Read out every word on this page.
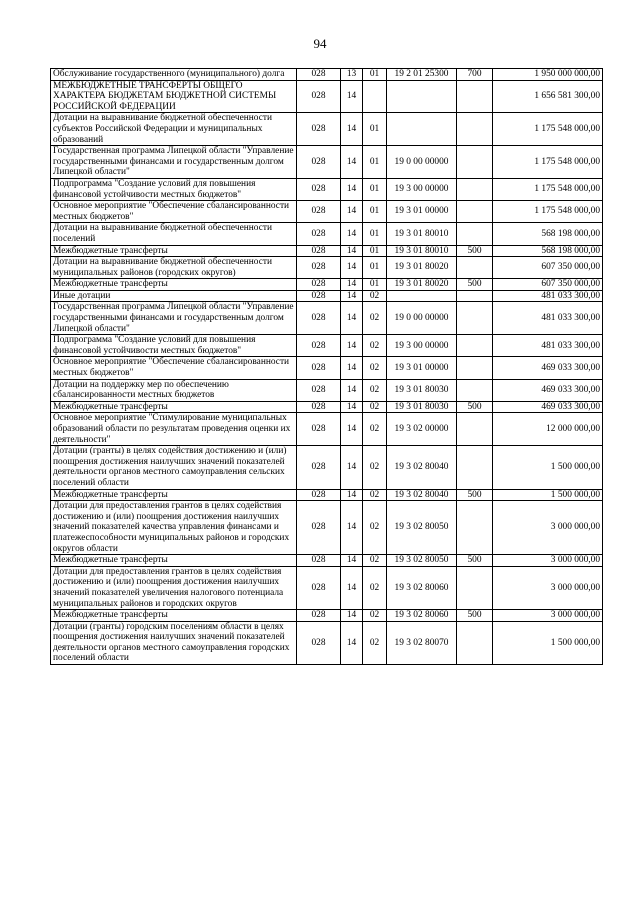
94
Обслуживание государственного (муниципального) долга	028	13	01	19 2 01 25300	700	1 950 000 000,00
МЕЖБЮДЖЕТНЫЕ ТРАНСФЕРТЫ ОБЩЕГО ХАРАКТЕРА БЮДЖЕТАМ БЮДЖЕТНОЙ СИСТЕМЫ РОССИЙСКОЙ ФЕДЕРАЦИИ	028	14				1 656 581 300,00
Дотации на выравнивание бюджетной обеспеченности субъектов Российской Федерации и муниципальных образований	028	14	01			1 175 548 000,00
Государственная программа Липецкой области "Управление государственными финансами и государственным долгом Липецкой области"	028	14	01	19 0 00 00000		1 175 548 000,00
Подпрограмма "Создание условий для повышения финансовой устойчивости местных бюджетов"	028	14	01	19 3 00 00000		1 175 548 000,00
Основное мероприятие "Обеспечение сбалансированности местных бюджетов"	028	14	01	19 3 01 00000		1 175 548 000,00
Дотации на выравнивание бюджетной обеспеченности поселений	028	14	01	19 3 01 80010		568 198 000,00
Межбюджетные трансферты	028	14	01	19 3 01 80010	500	568 198 000,00
Дотации на выравнивание бюджетной обеспеченности муниципальных районов (городских округов)	028	14	01	19 3 01 80020		607 350 000,00
Межбюджетные трансферты	028	14	01	19 3 01 80020	500	607 350 000,00
Иные дотации	028	14	02			481 033 300,00
Государственная программа Липецкой области "Управление государственными финансами и государственным долгом Липецкой области"	028	14	02	19 0 00 00000		481 033 300,00
Подпрограмма "Создание условий для повышения финансовой устойчивости местных бюджетов"	028	14	02	19 3 00 00000		481 033 300,00
Основное мероприятие "Обеспечение сбалансированности местных бюджетов"	028	14	02	19 3 01 00000		469 033 300,00
Дотации на поддержку мер по обеспечению сбалансированности местных бюджетов	028	14	02	19 3 01 80030		469 033 300,00
Межбюджетные трансферты	028	14	02	19 3 01 80030	500	469 033 300,00
Основное мероприятие "Стимулирование муниципальных образований области по результатам проведения оценки их деятельности"	028	14	02	19 3 02 00000		12 000 000,00
Дотации (гранты) в целях содействия достижению и (или) поощрения достижения наилучших значений показателей деятельности органов местного самоуправления сельских поселений области	028	14	02	19 3 02 80040		1 500 000,00
Межбюджетные трансферты	028	14	02	19 3 02 80040	500	1 500 000,00
Дотации для предоставления грантов в целях содействия достижению и (или) поощрения достижения наилучших значений показателей качества управления финансами и платежеспособности муниципальных районов и городских округов области	028	14	02	19 3 02 80050		3 000 000,00
Межбюджетные трансферты	028	14	02	19 3 02 80050	500	3 000 000,00
Дотации для предоставления грантов в целях содействия достижению и (или) поощрения достижения наилучших значений показателей увеличения налогового потенциала муниципальных районов и городских округов	028	14	02	19 3 02 80060		3 000 000,00
Межбюджетные трансферты	028	14	02	19 3 02 80060	500	3 000 000,00
Дотации (гранты) городским поселениям области в целях поощрения достижения наилучших значений показателей деятельности органов местного самоуправления городских поселений области	028	14	02	19 3 02 80070		1 500 000,00
